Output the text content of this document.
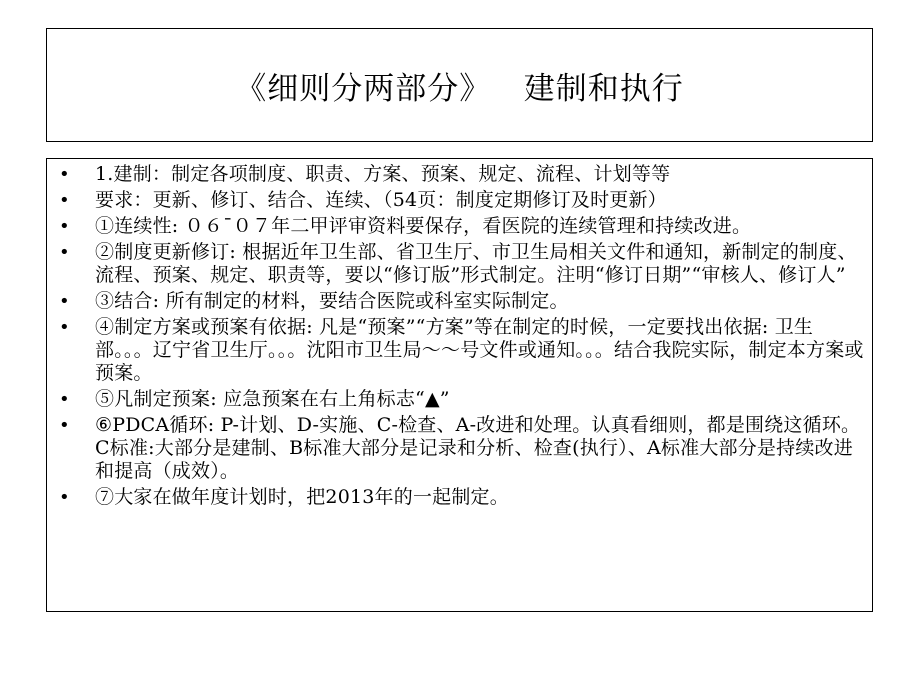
《细则分两部分》   建制和执行
•	1.建制：制定各项制度、职责、方案、预案、规定、流程、计划等等
•	要求：更新、修订、结合、连续、（54页：制度定期修订及时更新）
•	①连续性: ０６¯０７年二甲评审资料要保存，看医院的连续管理和持续改进。
•	②制度更新修订: 根据近年卫生部、省卫生厅、市卫生局相关文件和通知，新制定的制度、流程、预案、规定、职责等，要以“修订版”形式制定。注明“修订日期”“审核人、修订人”
•	③结合: 所有制定的材料，要结合医院或科室实际制定。
•	④制定方案或预案有依据: 凡是“预案”“方案”等在制定的时候，一定要找出依据: 卫生部。。。辽宁省卫生厅。。。沈阳市卫生局～～号文件或通知。。。结合我院实际，制定本方案或预案。
•	⑤凡制定预案: 应急预案在右上角标志“▲”
•	⑥PDCA循环: P-计划、D-实施、C-检查、A-改进和处理。认真看细则，都是围绕这循环。C标准:大部分是建制、B标准大部分是记录和分析、检查(执行）、A标准大部分是持续改进和提高（成效）。
•	⑦大家在做年度计划时，把2013年的一起制定。
